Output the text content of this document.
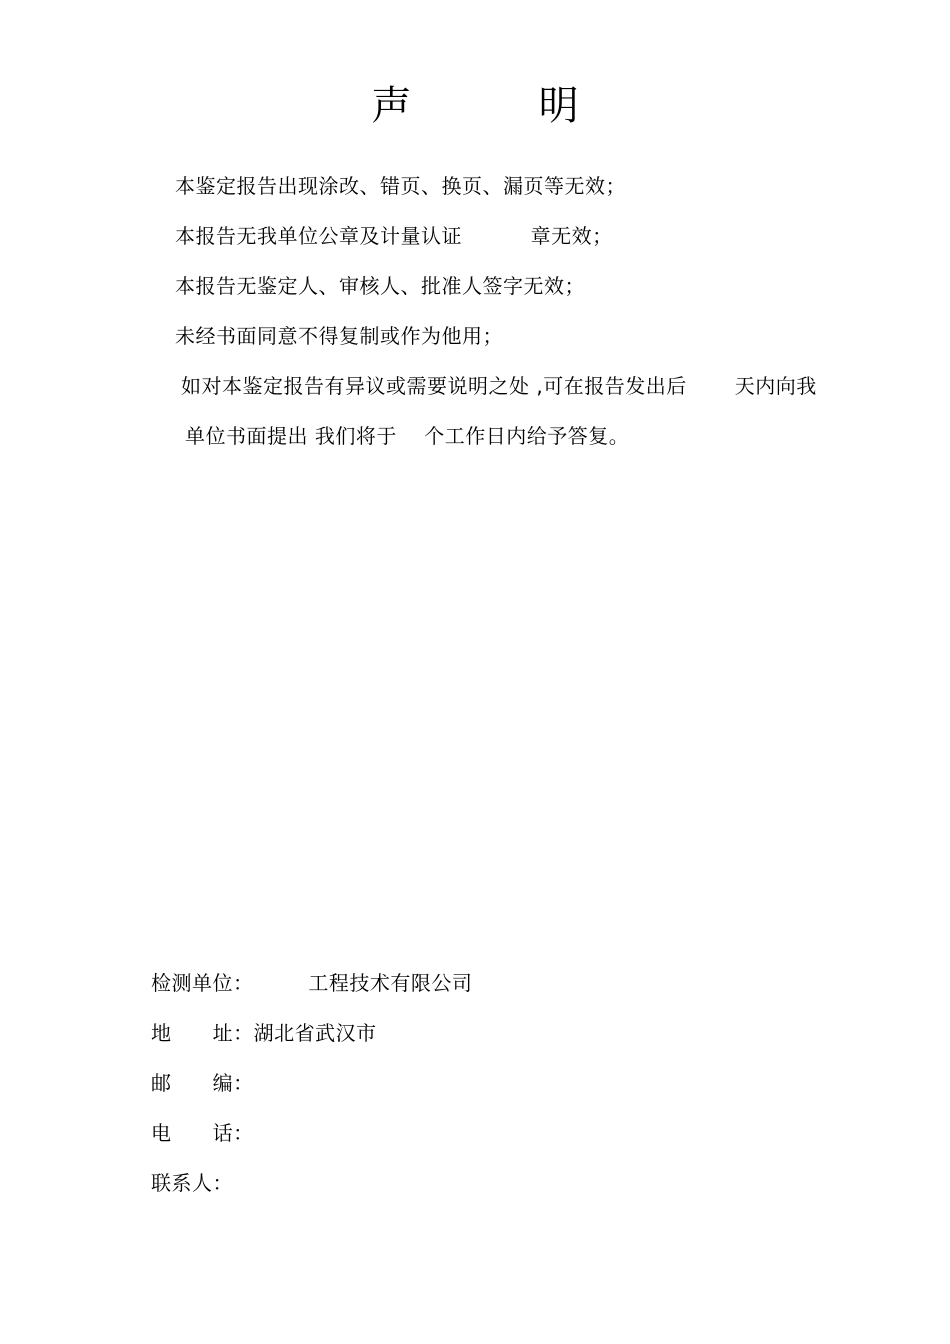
声          明
本鉴定报告出现涂改、错页、换页、漏页等无效；
本报告无我单位公章及计量认证          章无效；
本报告无鉴定人、审核人、批准人签字无效；
未经书面同意不得复制或作为他用；
如对本鉴定报告有异议或需要说明之处 ,可在报告发出后       天内向我
单位书面提出 我们将于    个工作日内给予答复。
检测单位：        工程技术有限公司
地      址：湖北省武汉市
邮      编：
电      话：
联系人：
